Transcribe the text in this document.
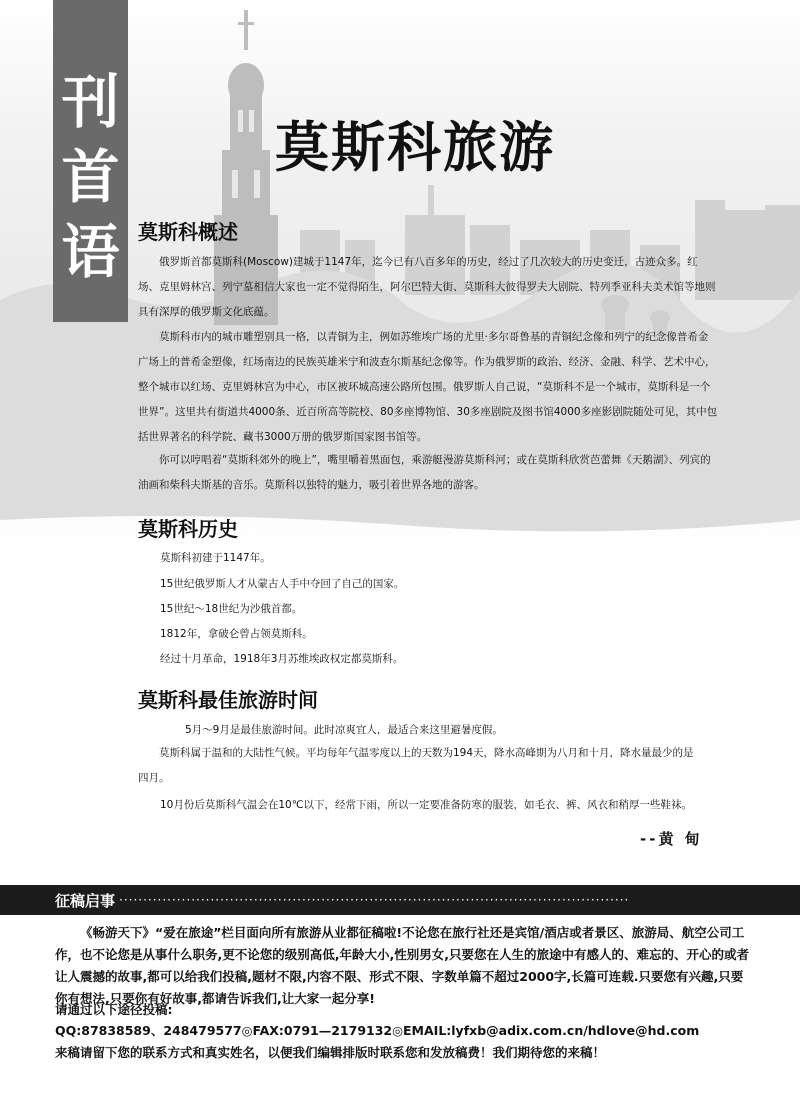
刊
首
语
莫斯科旅游
莫斯科概述

俄罗斯首都莫斯科(Moscow)建城于1147年，迄今已有八百多年的历史，经过了几次较大的历史变迁，古迹众多。红场、克里姆林宫、列宁墓相信大家也一定不觉得陌生，阿尔巴特大街、莫斯科大彼得罗夫大剧院、特列季亚科夫美术馆等地则具有深厚的俄罗斯文化底蕴。

莫斯科市内的城市雕塑别具一格，以青铜为主，例如苏维埃广场的尤里·多尔哥鲁基的青铜纪念像和列宁的纪念像普希金广场上的普希金塑像，红场南边的民族英雄米宁和波查尔斯基纪念像等。作为俄罗斯的政治、经济、金融、科学、艺术中心，整个城市以红场、克里姆林宫为中心，市区被环城高速公路所包围。俄罗斯人自己说，“莫斯科不是一个城市，莫斯科是一个世界”。这里共有街道共4000条、近百所高等院校、80多座博物馆、30多座剧院及图书馆4000多座影剧院随处可见，其中包括世界著名的科学院、藏书3000万册的俄罗斯国家图书馆等。

你可以哼唱着“莫斯科郊外的晚上”，嘴里嚼着黑面包，乘游艇漫游莫斯科河；或在莫斯科欣赏芭蕾舞《天鹅湖》、列宾的油画和柴科夫斯基的音乐。莫斯科以独特的魅力，吸引着世界各地的游客。

莫斯科历史
莫斯科初建于1147年。
15世纪俄罗斯人才从蒙古人手中夺回了自己的国家。
15世纪～18世纪为沙俄首都。
1812年，拿破仑曾占领莫斯科。
经过十月革命，1918年3月苏维埃政权定都莫斯科。
莫斯科最佳旅游时间
5月～9月是最佳旅游时间。此时凉爽宜人，最适合来这里避暑度假。

莫斯科属于温和的大陆性气候。平均每年气温零度以上的天数为194天，降水高峰期为八月和十月，降水量最少的是四月。

10月份后莫斯科气温会在10℃以下，经常下雨，所以一定要准备防寒的服装，如毛衣、裤、风衣和稍厚一些鞋袜。
--黄 甸
征稿启事 ··········································································································

《畅游天下》“爱在旅途”栏目面向所有旅游从业都征稿啦!不论您在旅行社还是宾馆/酒店或者景区、旅游局、航空公司工作，也不论您是从事什么职务,更不论您的级别高低,年龄大小,性别男女,只要您在人生的旅途中有感人的、难忘的、开心的或者让人震撼的故事,都可以给我们投稿,题材不限,内容不限、形式不限、字数单篇不超过2000字,长篇可连载.只要您有兴趣,只要你有想法,只要你有好故事,都请告诉我们,让大家一起分享!

请通过以下途径投稿:
QQ:87838589、248479577◎FAX:0791—2179132◎EMAIL:lyfxb@adix.com.cn/hdlove@hd.com
来稿请留下您的联系方式和真实姓名，以便我们编辑排版时联系您和发放稿费！我们期待您的来稿！
